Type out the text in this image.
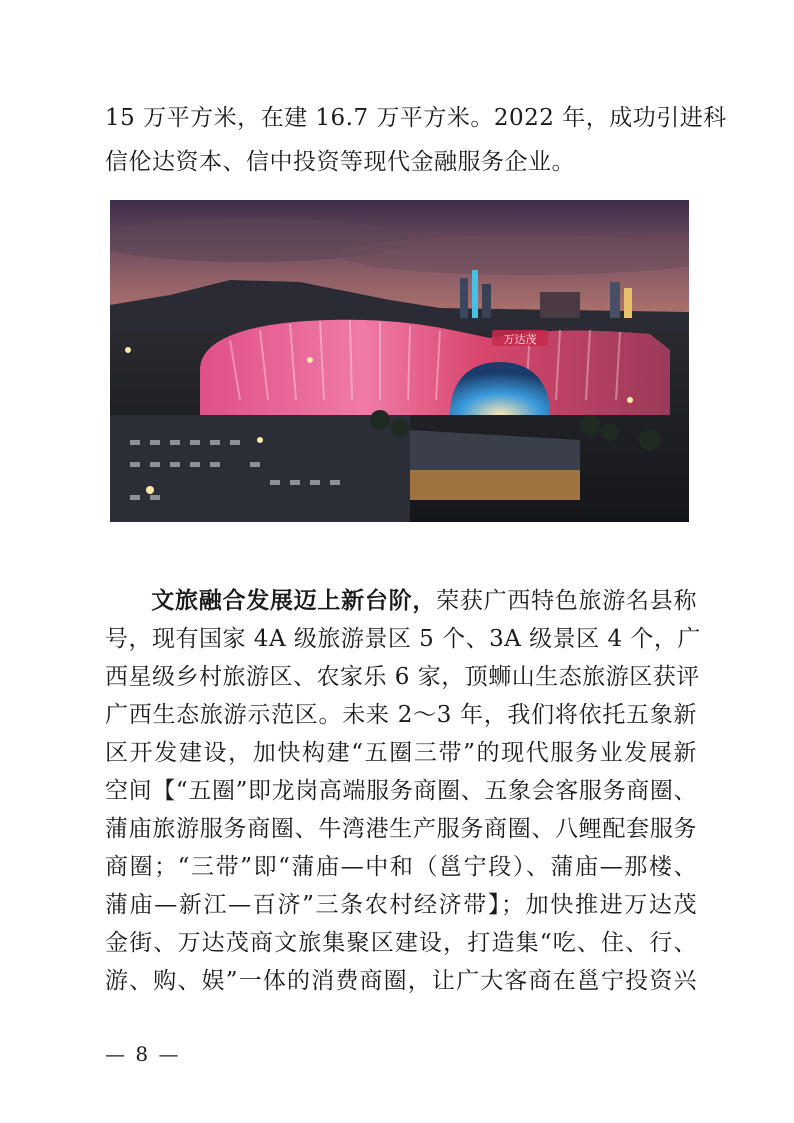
15 万平方米，在建 16.7 万平方米。2022 年，成功引进科
信伦达资本、信中投资等现代金融服务企业。
万达茂
文旅融合发展迈上新台阶，荣获广西特色旅游名县称
号，现有国家 4A 级旅游景区 5 个、3A 级景区 4 个，广
西星级乡村旅游区、农家乐 6 家，顶蛳山生态旅游区获评
广西生态旅游示范区。未来 2～3 年，我们将依托五象新
区开发建设，加快构建“五圈三带”的现代服务业发展新
空间【“五圈”即龙岗高端服务商圈、五象会客服务商圈、
蒲庙旅游服务商圈、牛湾港生产服务商圈、八鲤配套服务
商圈；“三带”即“蒲庙—中和（邕宁段）、蒲庙—那楼、
蒲庙—新江—百济”三条农村经济带】；加快推进万达茂
金街、万达茂商文旅集聚区建设，打造集“吃、住、行、
游、购、娱”一体的消费商圈，让广大客商在邕宁投资兴
— 8 —
